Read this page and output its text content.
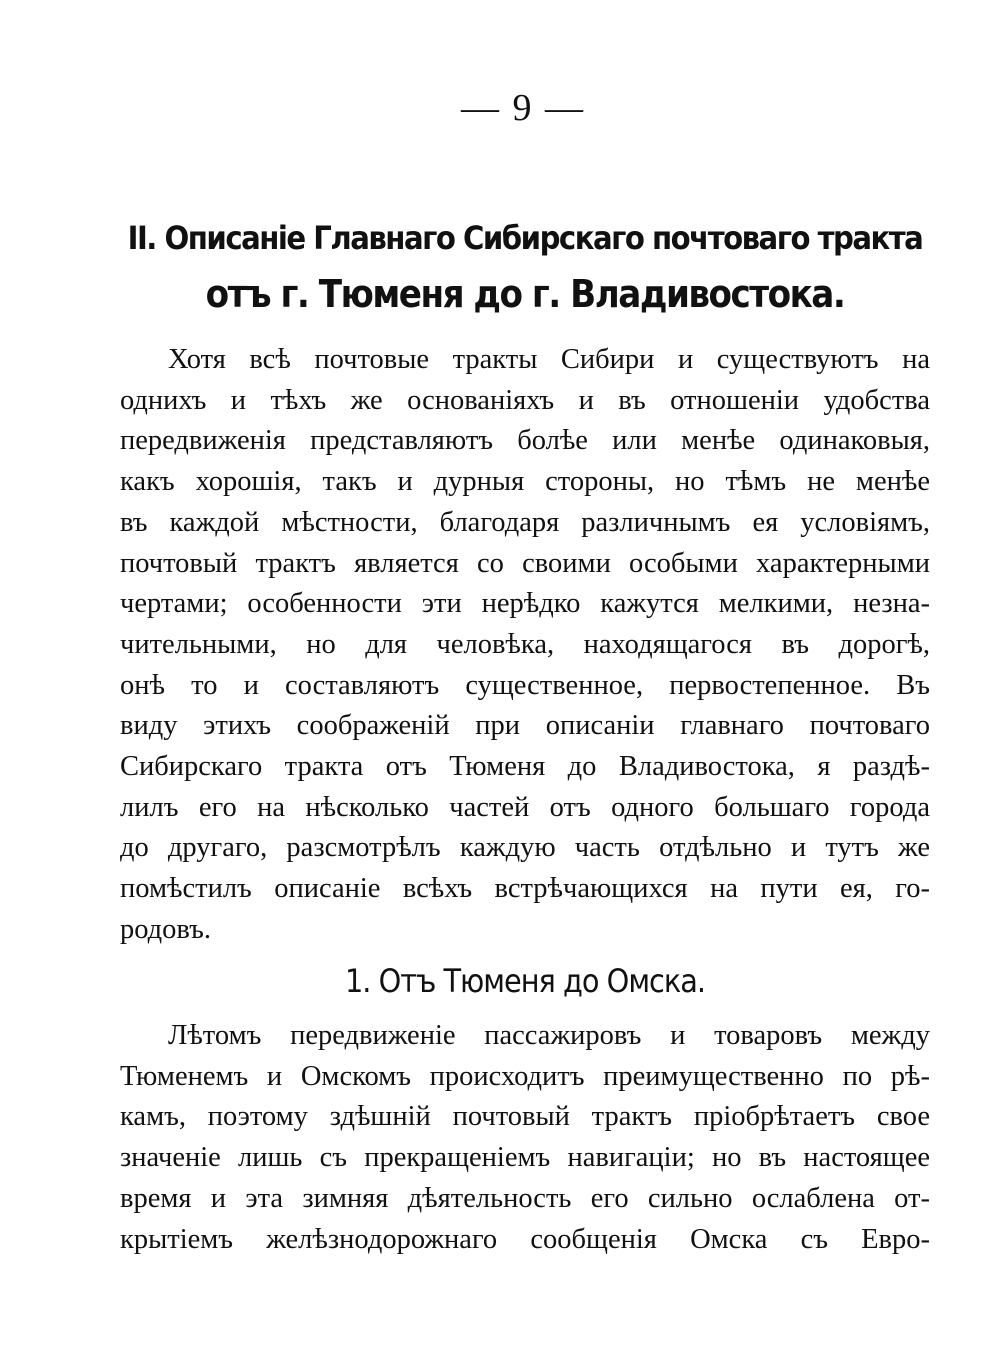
— 9 —
II. Описаніе Главнаго Сибирскаго почтоваго тракта
отъ г. Тюменя до г. Владивостока.
Хотя всѣ почтовые тракты Сибири и существуютъ на
однихъ и тѣхъ же основаніяхъ и въ отношеніи удобства
передвиженія представляютъ болѣе или менѣе одинаковыя,
какъ хорошія, такъ и дурныя стороны, но тѣмъ не менѣе
въ каждой мѣстности, благодаря различнымъ ея условіямъ,
почтовый трактъ является со своими особыми характерными
чертами; особенности эти нерѣдко кажутся мелкими, незна-
чительными, но для человѣка, находящагося въ дорогѣ,
онѣ то и составляютъ существенное, первостепенное. Въ
виду этихъ соображеній при описаніи главнаго почтоваго
Сибирскаго тракта отъ Тюменя до Владивостока, я раздѣ-
лилъ его на нѣсколько частей отъ одного большаго города
до другаго, разсмотрѣлъ каждую часть отдѣльно и тутъ же
помѣстилъ описаніе всѣхъ встрѣчающихся на пути ея, го-
родовъ.
1. Отъ Тюменя до Омска.
Лѣтомъ передвиженіе пассажировъ и товаровъ между
Тюменемъ и Омскомъ происходитъ преимущественно по рѣ-
камъ, поэтому здѣшній почтовый трактъ пріобрѣтаетъ свое
значеніе лишь съ прекращеніемъ навигаціи; но въ настоящее
время и эта зимняя дѣятельность его сильно ослаблена от-
крытіемъ желѣзнодорожнаго сообщенія Омска съ Евро-
